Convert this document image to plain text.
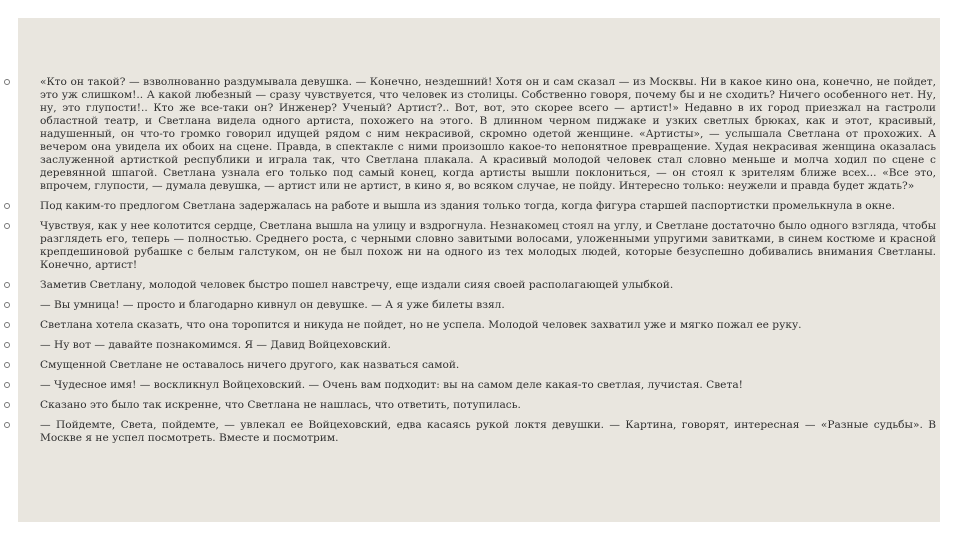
«Кто он такой? — взволнованно раздумывала девушка. — Конечно, нездешний! Хотя он и сам сказал — из Москвы. Ни в какое кино она, конечно, не пойдет, это уж слишком!.. А какой любезный — сразу чувствуется, что человек из столицы. Собственно говоря, почему бы и не сходить? Ничего особенного нет. Ну, ну, это глупости!.. Кто же все-таки он? Инженер? Ученый? Артист?.. Вот, вот, это скорее всего — артист!» Недавно в их город приезжал на гастроли областной театр, и Светлана видела одного артиста, похожего на этого. В длинном черном пиджаке и узких светлых брюках, как и этот, красивый, надушенный, он что-то громко говорил идущей рядом с ним некрасивой, скромно одетой женщине. «Артисты», — услышала Светлана от прохожих. А вечером она увидела их обоих на сцене. Правда, в спектакле с ними произошло какое-то непонятное превращение. Худая некрасивая женщина оказалась заслуженной артисткой республики и играла так, что Светлана плакала. А красивый молодой человек стал словно меньше и молча ходил по сцене с деревянной шпагой. Светлана узнала его только под самый конец, когда артисты вышли поклониться, — он стоял к зрителям ближе всех... «Все это, впрочем, глупости, — думала девушка, — артист или не артист, в кино я, во всяком случае, не пойду. Интересно только: неужели и правда будет ждать?»
Под каким-то предлогом Светлана задержалась на работе и вышла из здания только тогда, когда фигура старшей паспортистки промелькнула в окне.
Чувствуя, как у нее колотится сердце, Светлана вышла на улицу и вздрогнула. Незнакомец стоял на углу, и Светлане достаточно было одного взгляда, чтобы разглядеть его, теперь — полностью. Среднего роста, с черными словно завитыми волосами, уложенными упругими завитками, в синем костюме и красной крепдешиновой рубашке с белым галстуком, он не был похож ни на одного из тех молодых людей, которые безуспешно добивались внимания Светланы. Конечно, артист!
Заметив Светлану, молодой человек быстро пошел навстречу, еще издали сияя своей располагающей улыбкой.
— Вы умница! — просто и благодарно кивнул он девушке. — А я уже билеты взял.
Светлана хотела сказать, что она торопится и никуда не пойдет, но не успела. Молодой человек захватил уже и мягко пожал ее руку.
— Ну вот — давайте познакомимся. Я — Давид Войцеховский.
Смущенной Светлане не оставалось ничего другого, как назваться самой.
— Чудесное имя! — воскликнул Войцеховский. — Очень вам подходит: вы на самом деле какая-то светлая, лучистая. Света!
Сказано это было так искренне, что Светлана не нашлась, что ответить, потупилась.
— Пойдемте, Света, пойдемте, — увлекал ее Войцеховский, едва касаясь рукой локтя девушки. — Картина, говорят, интересная — «Разные судьбы». В Москве я не успел посмотреть. Вместе и посмотрим.
